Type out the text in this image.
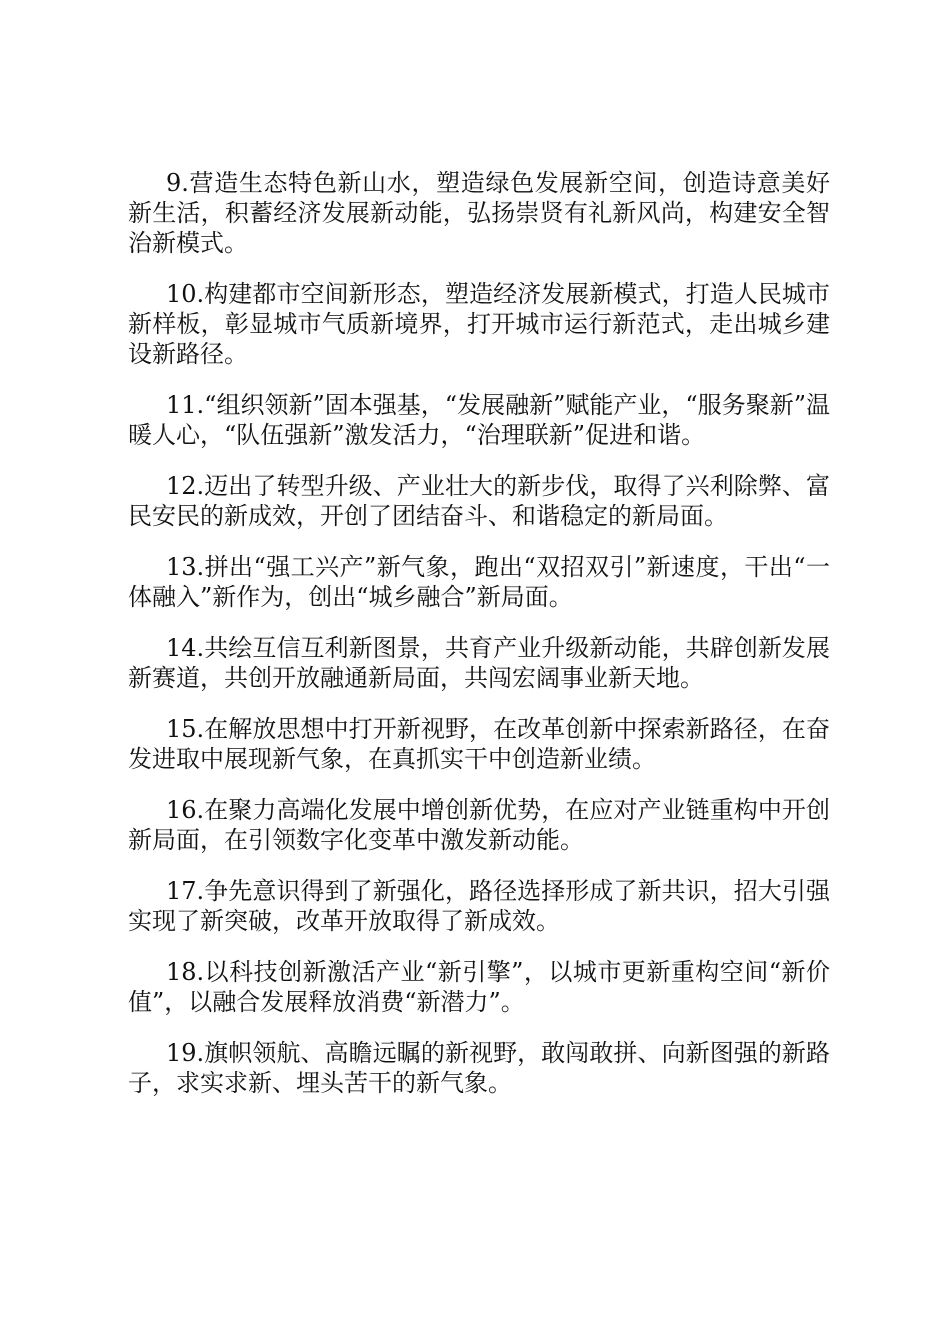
9.营造生态特色新山水，塑造绿色发展新空间，创造诗意美好新生活，积蓄经济发展新动能，弘扬崇贤有礼新风尚，构建安全智治新模式。

10.构建都市空间新形态，塑造经济发展新模式，打造人民城市新样板，彰显城市气质新境界，打开城市运行新范式，走出城乡建设新路径。

11.“组织领新”固本强基，“发展融新”赋能产业，“服务聚新”温暖人心，“队伍强新”激发活力，“治理联新”促进和谐。

12.迈出了转型升级、产业壮大的新步伐，取得了兴利除弊、富民安民的新成效，开创了团结奋斗、和谐稳定的新局面。

13.拼出“强工兴产”新气象，跑出“双招双引”新速度，干出“一体融入”新作为，创出“城乡融合”新局面。

14.共绘互信互利新图景，共育产业升级新动能，共辟创新发展新赛道，共创开放融通新局面，共闯宏阔事业新天地。

15.在解放思想中打开新视野，在改革创新中探索新路径，在奋发进取中展现新气象，在真抓实干中创造新业绩。

16.在聚力高端化发展中增创新优势，在应对产业链重构中开创新局面，在引领数字化变革中激发新动能。

17.争先意识得到了新强化，路径选择形成了新共识，招大引强实现了新突破，改革开放取得了新成效。

18.以科技创新激活产业“新引擎”，以城市更新重构空间“新价值”，以融合发展释放消费“新潜力”。

19.旗帜领航、高瞻远瞩的新视野，敢闯敢拼、向新图强的新路子，求实求新、埋头苦干的新气象。
